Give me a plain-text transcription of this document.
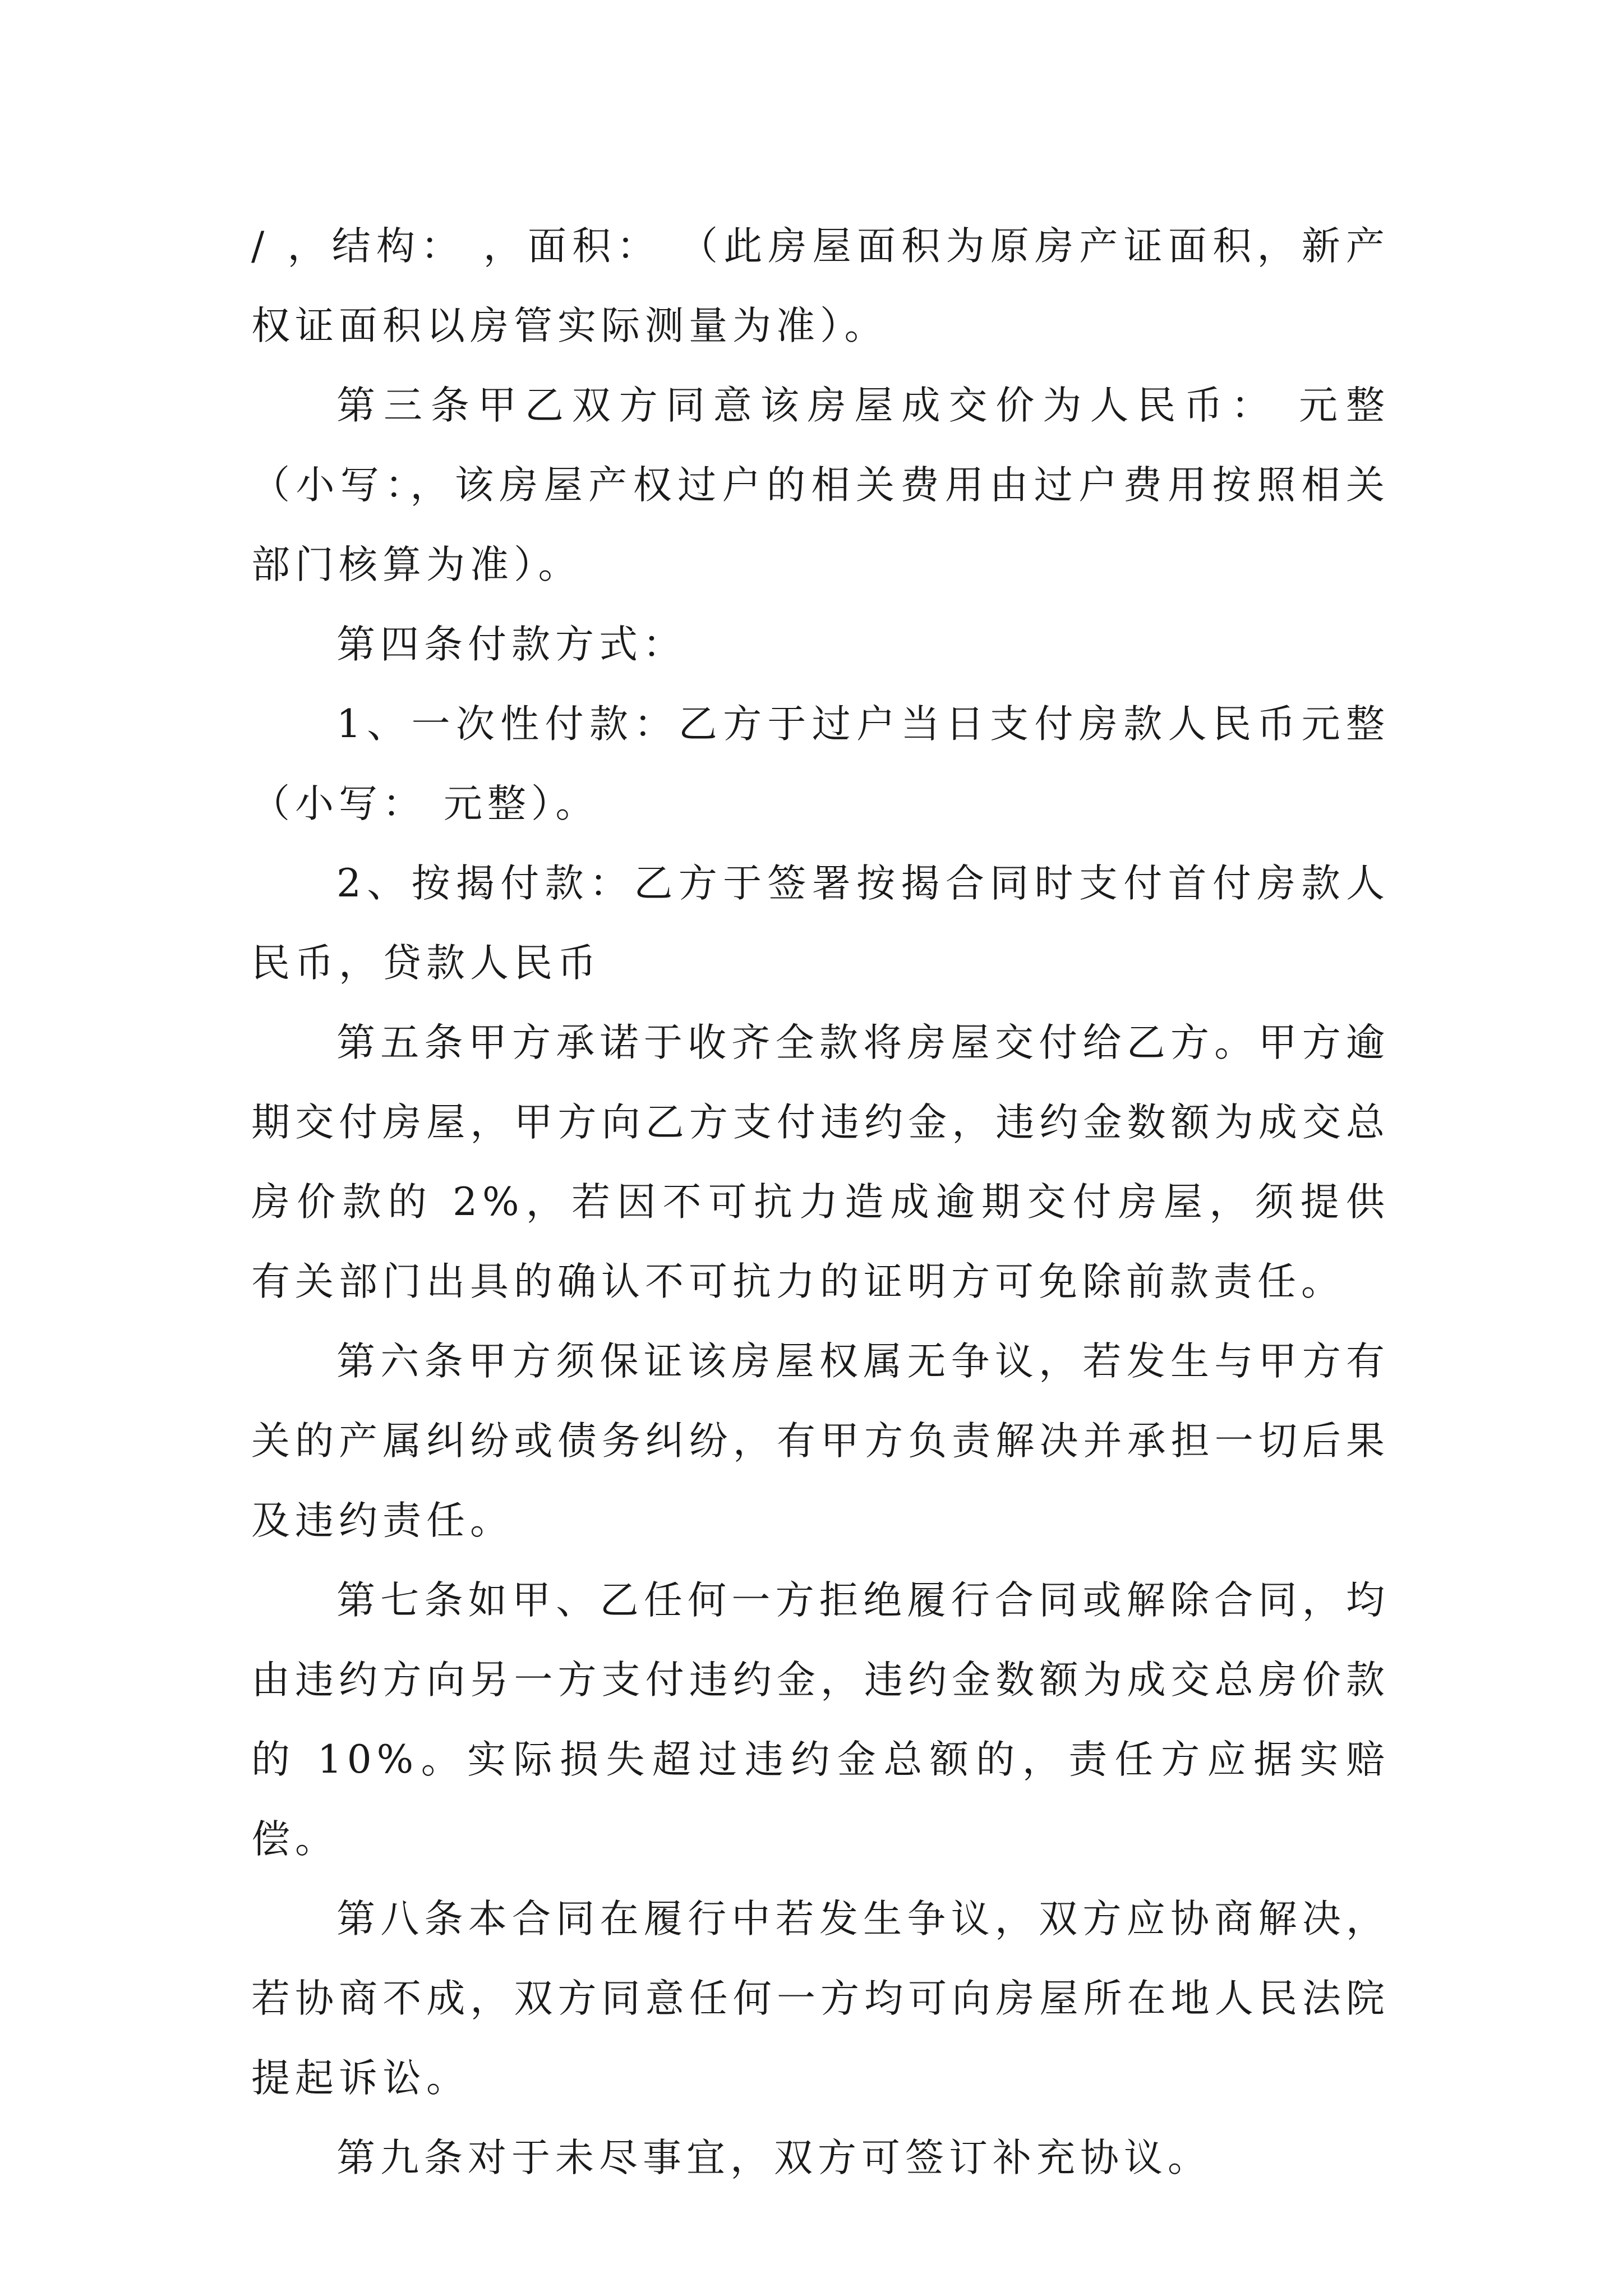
/ ，结构： ，面积： （此房屋面积为原房产证面积，新产权证面积以房管实际测量为准）。

第三条甲乙双方同意该房屋成交价为人民币： 元整（小写：，该房屋产权过户的相关费用由过户费用按照相关部门核算为准）。

第四条付款方式：

1、一次性付款：乙方于过户当日支付房款人民币元整（小写： 元整）。

2、按揭付款：乙方于签署按揭合同时支付首付房款人民币，贷款人民币

第五条甲方承诺于收齐全款将房屋交付给乙方。甲方逾期交付房屋，甲方向乙方支付违约金，违约金数额为成交总房价款的 2%，若因不可抗力造成逾期交付房屋，须提供有关部门出具的确认不可抗力的证明方可免除前款责任。

第六条甲方须保证该房屋权属无争议，若发生与甲方有关的产属纠纷或债务纠纷，有甲方负责解决并承担一切后果及违约责任。

第七条如甲、乙任何一方拒绝履行合同或解除合同，均由违约方向另一方支付违约金，违约金数额为成交总房价款的 10%。实际损失超过违约金总额的，责任方应据实赔偿。

第八条本合同在履行中若发生争议，双方应协商解决，若协商不成，双方同意任何一方均可向房屋所在地人民法院提起诉讼。

第九条对于未尽事宜，双方可签订补充协议。
